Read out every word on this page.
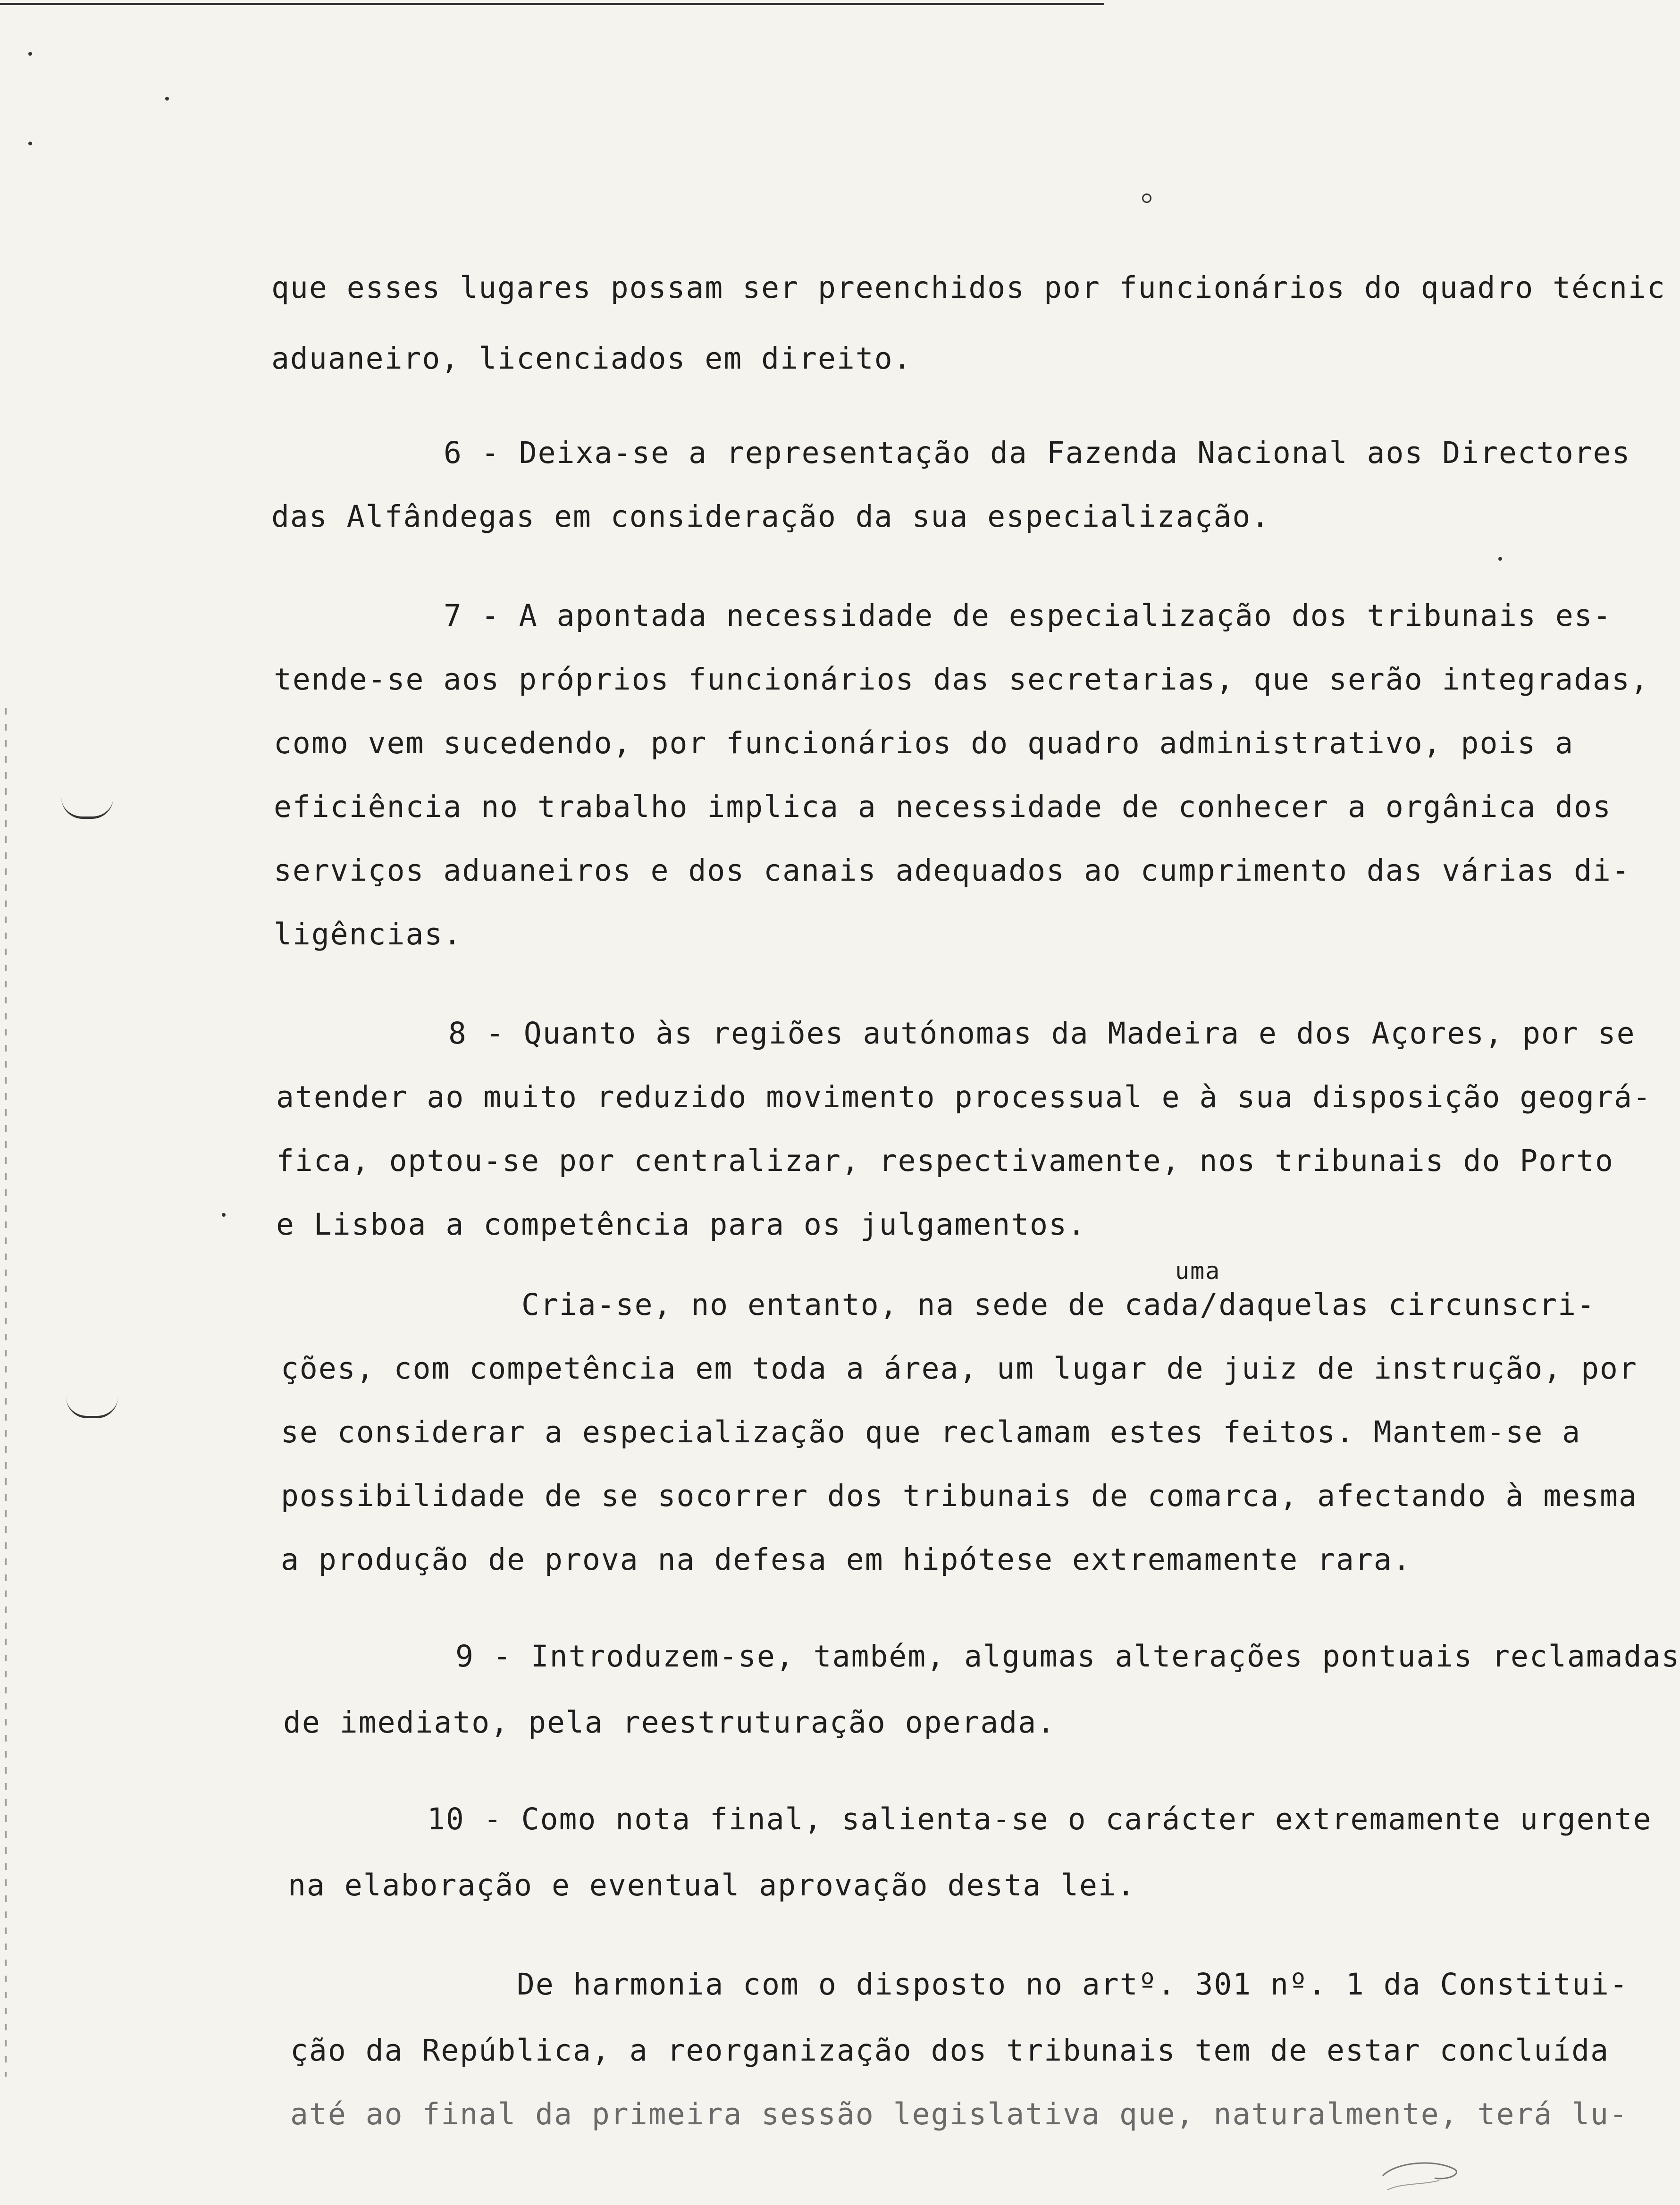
que esses lugares possam ser preenchidos por funcionários do quadro técnic
aduaneiro, licenciados em direito.
6 - Deixa-se a representação da Fazenda Nacional aos Directores
das Alfândegas em consideração da sua especialização.
7 - A apontada necessidade de especialização dos tribunais es-
tende-se aos próprios funcionários das secretarias, que serão integradas,
como vem sucedendo, por funcionários do quadro administrativo, pois a
eficiência no trabalho implica a necessidade de conhecer a orgânica dos
serviços aduaneiros e dos canais adequados ao cumprimento das várias di-
ligências.
8 - Quanto às regiões autónomas da Madeira e dos Açores, por se
atender ao muito reduzido movimento processual e à sua disposição geográ-
fica, optou-se por centralizar, respectivamente, nos tribunais do Porto
e Lisboa a competência para os julgamentos.
uma
Cria-se, no entanto, na sede de cada/daquelas circunscri-
ções, com competência em toda a área, um lugar de juiz de instrução, por
se considerar a especialização que reclamam estes feitos. Mantem-se a
possibilidade de se socorrer dos tribunais de comarca, afectando à mesma
a produção de prova na defesa em hipótese extremamente rara.
9 - Introduzem-se, também, algumas alterações pontuais reclamadas
de imediato, pela reestruturação operada.
10 - Como nota final, salienta-se o carácter extremamente urgente
na elaboração e eventual aprovação desta lei.
De harmonia com o disposto no artº. 301 nº. 1 da Constitui-
ção da República, a reorganização dos tribunais tem de estar concluída
até ao final da primeira sessão legislativa que, naturalmente, terá lu-
